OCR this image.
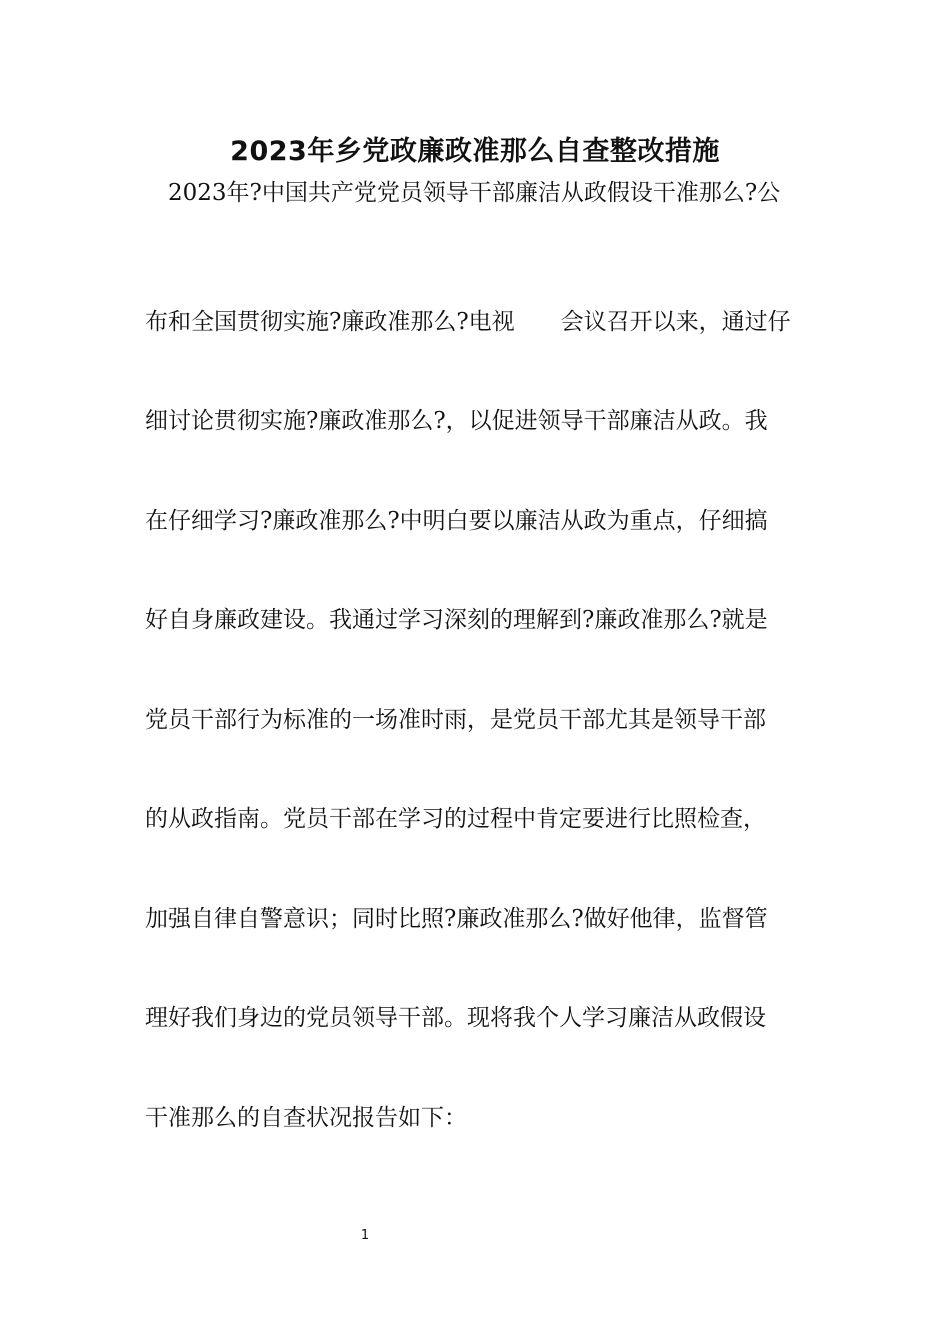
2023年乡党政廉政准那么自查整改措施
　2023年?中国共产党党员领导干部廉洁从政假设干准那么?公
布和全国贯彻实施?廉政准那么?电视　　会议召开以来，通过仔
细讨论贯彻实施?廉政准那么?，以促进领导干部廉洁从政。我
在仔细学习?廉政准那么?中明白要以廉洁从政为重点，仔细搞
好自身廉政建设。我通过学习深刻的理解到?廉政准那么?就是
党员干部行为标准的一场准时雨，是党员干部尤其是领导干部
的从政指南。党员干部在学习的过程中肯定要进行比照检查，
加强自律自警意识；同时比照?廉政准那么?做好他律，监督管
理好我们身边的党员领导干部。现将我个人学习廉洁从政假设
干准那么的自查状况报告如下：
1
